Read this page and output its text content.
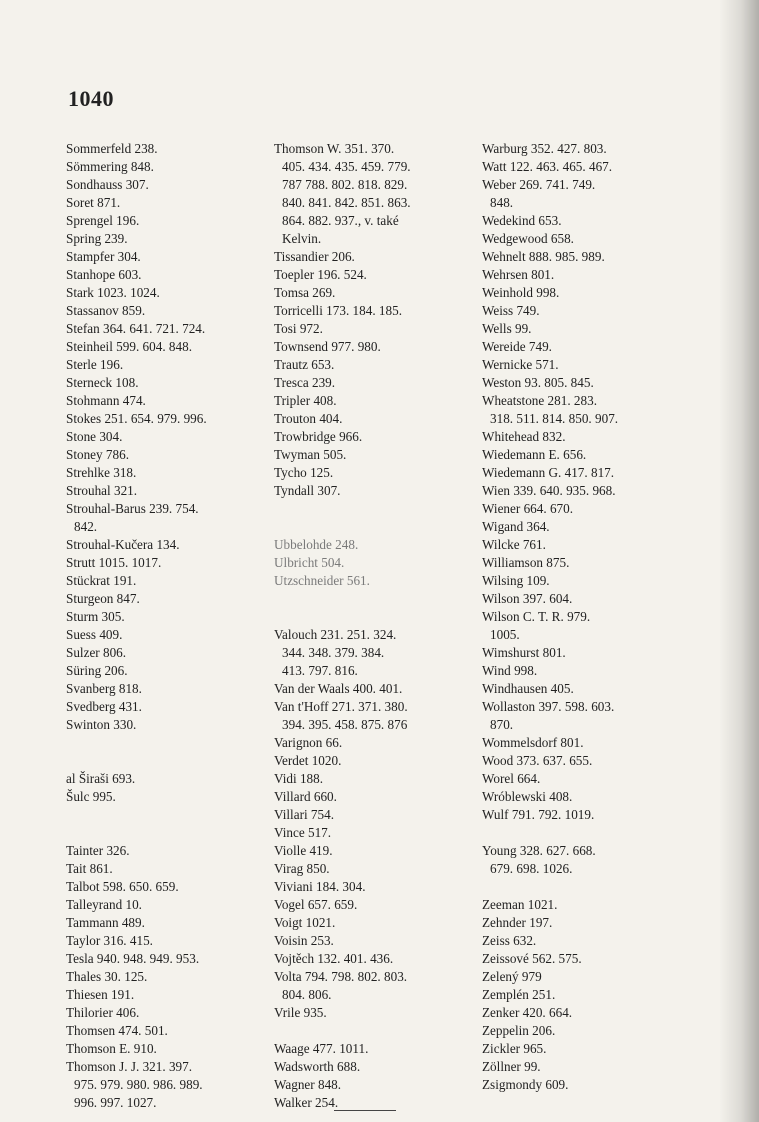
1040
Sommerfeld 238.
Sömmering 848.
Sondhauss 307.
Soret 871.
Sprengel 196.
Spring 239.
Stampfer 304.
Stanhope 603.
Stark 1023. 1024.
Stassanov 859.
Stefan 364. 641. 721. 724.
Steinheil 599. 604. 848.
Sterle 196.
Sterneck 108.
Stohmann 474.
Stokes 251. 654. 979. 996.
Stone 304.
Stoney 786.
Strehlke 318.
Strouhal 321.
Strouhal-Barus 239. 754.
842.
Strouhal-Kučera 134.
Strutt 1015. 1017.
Stückrat 191.
Sturgeon 847.
Sturm 305.
Suess 409.
Sulzer 806.
Süring 206.
Svanberg 818.
Svedberg 431.
Swinton 330.
al Širaši 693.
Šulc 995.
Tainter 326.
Tait 861.
Talbot 598. 650. 659.
Talleyrand 10.
Tammann 489.
Taylor 316. 415.
Tesla 940. 948. 949. 953.
Thales 30. 125.
Thiesen 191.
Thilorier 406.
Thomsen 474. 501.
Thomson E. 910.
Thomson J. J. 321. 397.
975. 979. 980. 986. 989.
996. 997. 1027.
Thomson W. 351. 370.
405. 434. 435. 459. 779.
787 788. 802. 818. 829.
840. 841. 842. 851. 863.
864. 882. 937., v. také
Kelvin.
Tissandier 206.
Toepler 196. 524.
Tomsa 269.
Torricelli 173. 184. 185.
Tosi 972.
Townsend 977. 980.
Trautz 653.
Tresca 239.
Tripler 408.
Trouton 404.
Trowbridge 966.
Twyman 505.
Tycho 125.
Tyndall 307.
Ubbelohde 248.
Ulbricht 504.
Utzschneider 561.
Valouch 231. 251. 324.
344. 348. 379. 384.
413. 797. 816.
Van der Waals 400. 401.
Van t'Hoff 271. 371. 380.
394. 395. 458. 875. 876
Varignon 66.
Verdet 1020.
Vidi 188.
Villard 660.
Villari 754.
Vince 517.
Violle 419.
Virag 850.
Viviani 184. 304.
Vogel 657. 659.
Voigt 1021.
Voisin 253.
Vojtěch 132. 401. 436.
Volta 794. 798. 802. 803.
804. 806.
Vrile 935.
Waage 477. 1011.
Wadsworth 688.
Wagner 848.
Walker 254.
Warburg 352. 427. 803.
Watt 122. 463. 465. 467.
Weber 269. 741. 749.
848.
Wedekind 653.
Wedgewood 658.
Wehnelt 888. 985. 989.
Wehrsen 801.
Weinhold 998.
Weiss 749.
Wells 99.
Wereide 749.
Wernicke 571.
Weston 93. 805. 845.
Wheatstone 281. 283.
318. 511. 814. 850. 907.
Whitehead 832.
Wiedemann E. 656.
Wiedemann G. 417. 817.
Wien 339. 640. 935. 968.
Wiener 664. 670.
Wigand 364.
Wilcke 761.
Williamson 875.
Wilsing 109.
Wilson 397. 604.
Wilson C. T. R. 979.
1005.
Wimshurst 801.
Wind 998.
Windhausen 405.
Wollaston 397. 598. 603.
870.
Wommelsdorf 801.
Wood 373. 637. 655.
Worel 664.
Wróblewski 408.
Wulf 791. 792. 1019.
Young 328. 627. 668.
679. 698. 1026.
Zeeman 1021.
Zehnder 197.
Zeiss 632.
Zeissové 562. 575.
Zelený 979
Zemplén 251.
Zenker 420. 664.
Zeppelin 206.
Zickler 965.
Zöllner 99.
Zsigmondy 609.
